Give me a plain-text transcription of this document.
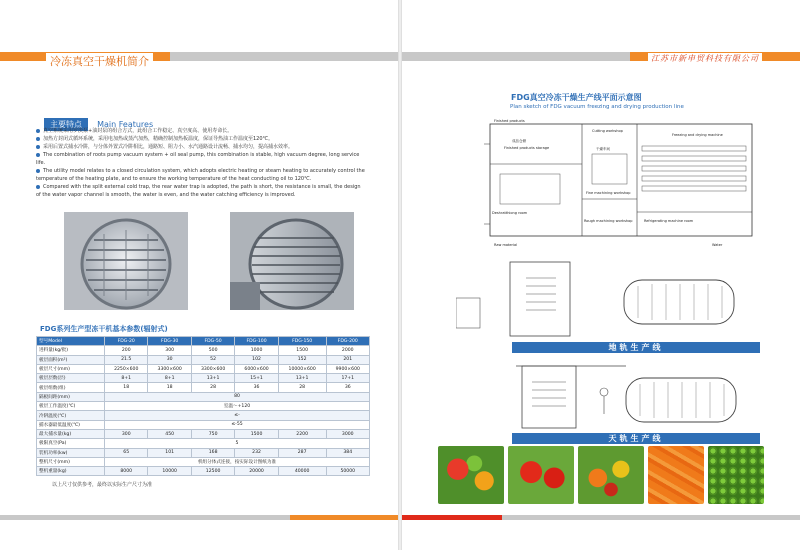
冷冻真空干燥机简介
主要特点 Main Features
真空系统采用罗茨泵+油封泵的组合方式，此组合工作稳定、真空度高、使用寿命长。
加热方封闭式循环系统，采用电加热或蒸汽加热，精确控制加热板温度，保证导热油工作温度至120℃。
采用后置式捕水冷阱，与分体外置式冷阱相比，通路短、阻力小、水汽通路设计流畅、捕水均匀，提高捕水效率。
The combination of roots pump vacuum system + oil seal pump, this combination is stable, high vacuum degree, long service life.
The utility model relates to a closed circulation system, which adopts electric heating or steam heating to accurately control the temperature of the heating plate, and to ensure the working temperature of the heat conducting oil to 120℃.
Compared with the split external cold trap, the rear water trap is adopted, the path is short, the resistance is small, the design of the water vapor channel is smooth, the water is even, and the water catching efficiency is improved.
FDG系列生产型冻干机基本参数(辐射式)
型号Model	FDG-20	FDG-30	FDG-50	FDG-100	FDG-150	FDG-200
进料量(kg/批)	200	300	500	1000	1500	2000
板层面积(m²)	21.5	30	52	102	152	201
板层尺寸(mm)	2250×600	3300×600	3300×600	6000×600	10000×600	9900×600
板层层数(层)	8+1	8+1	13+1	15+1	13+1	17+1
板层组数(组)	18	18	28	36	28	36
隔板间距(mm)	80					
板层工作温度(℃)	室温～+120					
冷阱温度(℃)	≤-					
捕水器最低温度(℃)	≤-55					
最大捕水量(kg)	300	450	750	1500	2200	3000
极限真空(Pa)	5					
装机功率(kw)	65	101	168	232	287	384
整机尺寸(mm)	机组分体式连接，按实际设计图纸为准					
整机重量(kg)	8000	10000	12500	20000	40000	50000
以上尺寸仅供参考，最终以实际生产尺寸为准
江苏市新申贸科技有限公司
FDG真空冷冻干燥生产线平面示意图
Plan sketch of FDG vacuum freezing and drying production line
Finished products
Cutting workshop
Freezing and drying machine
成品仓储
Finished products storage	干燥车间
Fine machining workshop
Rough machining workshop
Deshratthiong room
Refrigerating machine room
Raw material	Water
地轨生产线
天轨生产线
